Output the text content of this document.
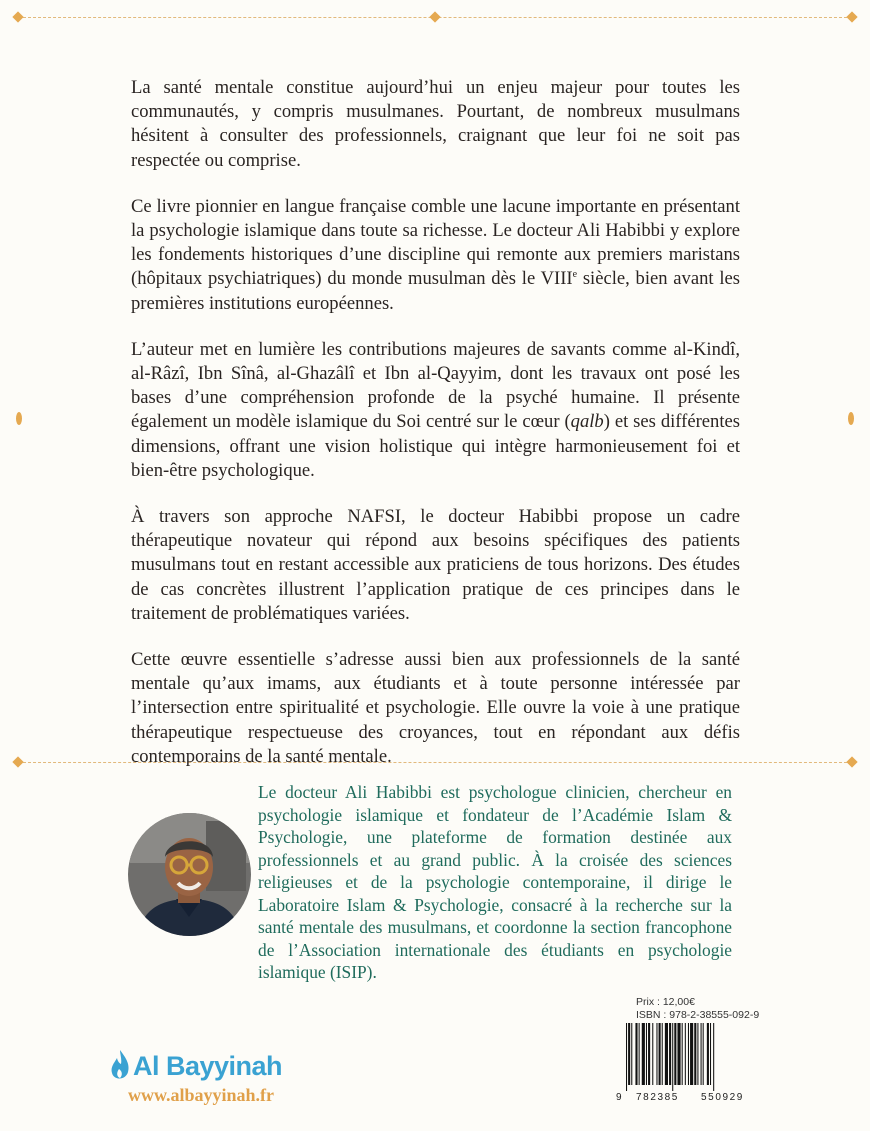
La santé mentale constitue aujourd’hui un enjeu majeur pour toutes les communautés, y compris musulmanes. Pourtant, de nombreux musulmans hésitent à consulter des professionnels, craignant que leur foi ne soit pas respectée ou comprise.

Ce livre pionnier en langue française comble une lacune importante en présentant la psychologie islamique dans toute sa richesse. Le docteur Ali Habibbi y explore les fondements historiques d’une discipline qui remonte aux premiers maristans (hôpitaux psychiatriques) du monde musulman dès le VIIIe siècle, bien avant les premières institutions européennes.

L’auteur met en lumière les contributions majeures de savants comme al-Kindî, al-Râzî, Ibn Sînâ, al-Ghazâlî et Ibn al-Qayyim, dont les travaux ont posé les bases d’une compréhension profonde de la psyché humaine. Il présente également un modèle islamique du Soi centré sur le cœur (qalb) et ses différentes dimensions, offrant une vision holistique qui intègre harmonieusement foi et bien-être psychologique.

À travers son approche NAFSI, le docteur Habibbi propose un cadre thérapeutique novateur qui répond aux besoins spécifiques des patients musulmans tout en restant accessible aux praticiens de tous horizons. Des études de cas concrètes illustrent l’application pratique de ces principes dans le traitement de problématiques variées.

Cette œuvre essentielle s’adresse aussi bien aux professionnels de la santé mentale qu’aux imams, aux étudiants et à toute personne intéressée par l’intersection entre spiritualité et psychologie. Elle ouvre la voie à une pratique thérapeutique respectueuse des croyances, tout en répondant aux défis contemporains de la santé mentale.

Le docteur Ali Habibbi est psychologue clinicien, chercheur en psychologie islamique et fondateur de l’Académie Islam & Psychologie, une plateforme de formation destinée aux professionnels et au grand public. À la croisée des sciences religieuses et de la psychologie contemporaine, il dirige le Laboratoire Islam & Psychologie, consacré à la recherche sur la santé mentale des musulmans, et coordonne la section francophone de l’Association internationale des étudiants en psychologie islamique (ISIP).

Prix : 12,00€
ISBN : 978-2-38555-092-9
9 782385 550929
Al Bayyinah
www.albayyinah.fr
